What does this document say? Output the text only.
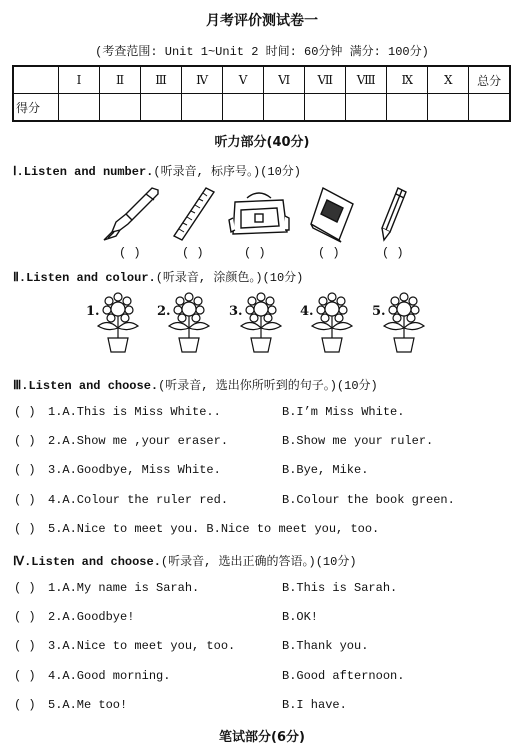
月考评价测试卷一
(考查范围: Unit 1~Unit 2 时间: 60分钟 满分: 100分)
	Ⅰ	Ⅱ	Ⅲ	Ⅳ	Ⅴ	Ⅵ	Ⅶ	Ⅷ	Ⅸ	Ⅹ	总分
得分											
听力部分(40分)
Ⅰ.Listen and number.(听录音, 标序号。)(10分)
( )	( )	( )	( )	( )
Ⅱ.Listen and colour.(听录音, 涂颜色。)(10分)
1.	2.	3.	4.	5.
Ⅲ.Listen and choose.(听录音, 选出你所听到的句子。)(10分)
( ) 1.A.This is Miss White..	B.I’m Miss White.
( ) 2.A.Show me ,your eraser.	B.Show me your ruler.
( ) 3.A.Goodbye, Miss White.	B.Bye, Mike.
( ) 4.A.Colour the ruler red.	B.Colour the book green.
( ) 5.A.Nice to meet you. B.Nice to meet you, too.
Ⅳ.Listen and choose.(听录音, 选出正确的答语。)(10分)
( ) 1.A.My name is Sarah.	B.This is Sarah.
( ) 2.A.Goodbye!	B.OK!
( ) 3.A.Nice to meet you, too.	B.Thank you.
( ) 4.A.Good morning.	B.Good afternoon.
( ) 5.A.Me too!	B.I have.
笔试部分(6分)
